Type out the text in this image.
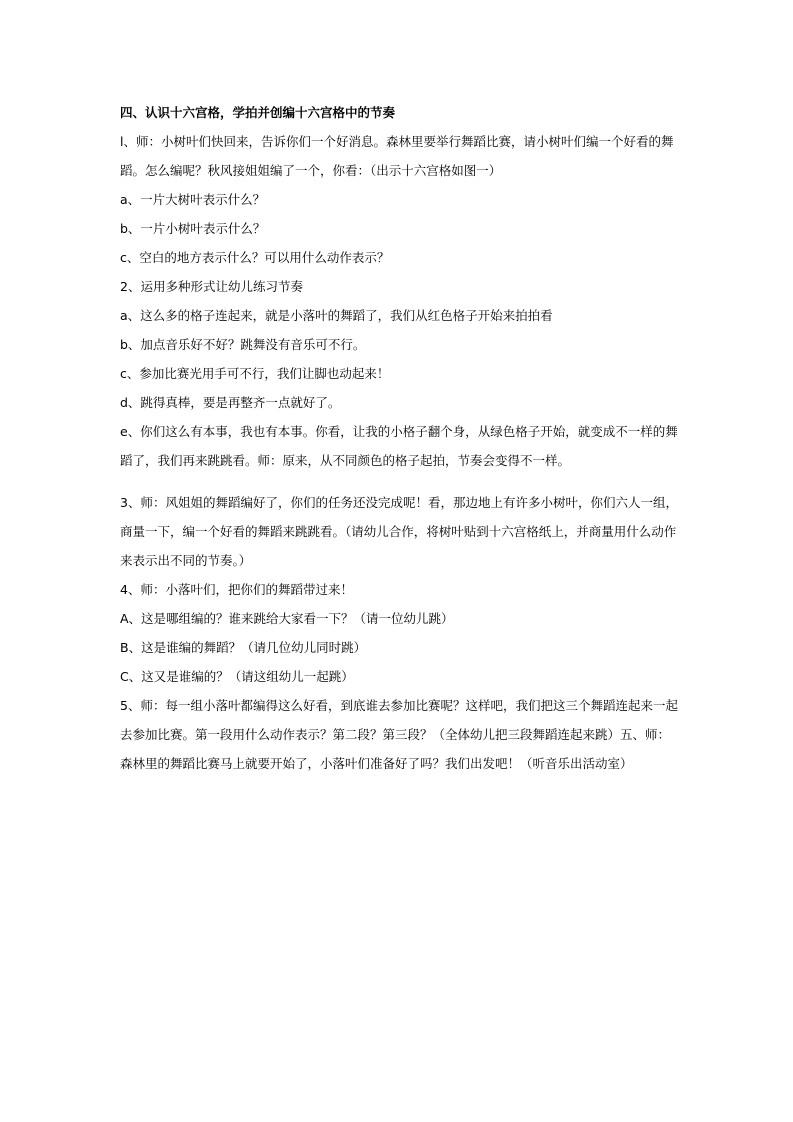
四、认识十六宫格，学拍并创编十六宫格中的节奏

l、师：小树叶们快回来，告诉你们一个好消息。森林里要举行舞蹈比赛，请小树叶们编一个好看的舞蹈。怎么编呢？秋风接姐姐编了一个，你看：（出示十六宫格如图一）

a、一片大树叶表示什么？

b、一片小树叶表示什么？

c、空白的地方表示什么？可以用什么动作表示？

2、运用多种形式让幼儿练习节奏

a、这么多的格子连起来，就是小落叶的舞蹈了，我们从红色格子开始来拍拍看

b、加点音乐好不好？跳舞没有音乐可不行。

c、参加比赛光用手可不行，我们让脚也动起来！

d、跳得真棒，要是再整齐一点就好了。

e、你们这么有本事，我也有本事。你看，让我的小格子翻个身，从绿色格子开始，就变成不一样的舞蹈了，我们再来跳跳看。师：原来，从不同颜色的格子起拍，节奏会变得不一样。

3、师：风姐姐的舞蹈编好了，你们的任务还没完成呢！看，那边地上有许多小树叶，你们六人一组，商量一下，编一个好看的舞蹈来跳跳看。（请幼儿合作，将树叶贴到十六宫格纸上，并商量用什么动作来表示出不同的节奏。）

4、师：小落叶们，把你们的舞蹈带过来！

A、这是哪组编的？谁来跳给大家看一下？（请一位幼儿跳）

B、这是谁编的舞蹈？（请几位幼儿同时跳）

C、这又是谁编的？（请这组幼儿一起跳）

5、师：每一组小落叶都编得这么好看，到底谁去参加比赛呢？这样吧，我们把这三个舞蹈连起来一起去参加比赛。第一段用什么动作表示？第二段？第三段？（全体幼儿把三段舞蹈连起来跳）五、师：森林里的舞蹈比赛马上就要开始了，小落叶们准备好了吗？我们出发吧！（听音乐出活动室）
